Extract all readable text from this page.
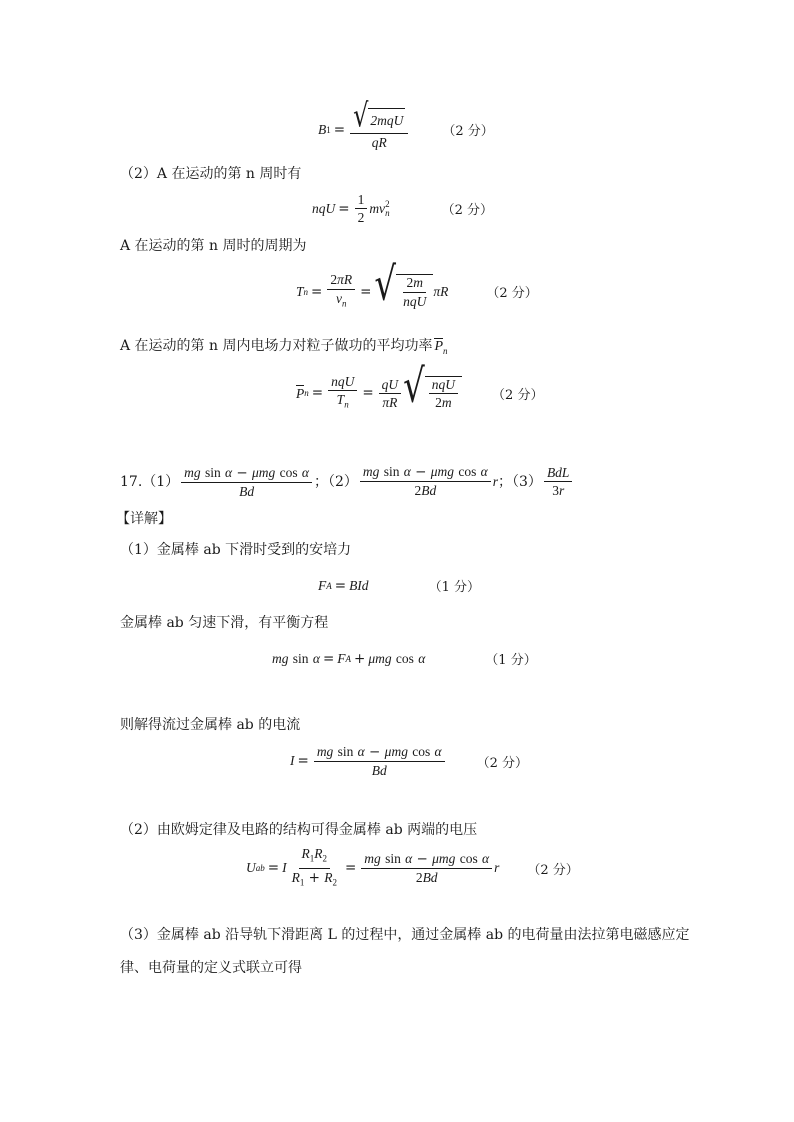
B $1 = \frac{\text{√ 2mqU}}{qR}$	（2 分）
（2）A 在运动的第 n 周时有
nqU = $\frac{1}{2}$ mv 2
n	（2 分）
A 在运动的第 n 周时的周期为
T $n = \frac{2\pi R}{v_n}$ = √ $\frac{2m}{\text{nqU}}$ πR	（2 分）
A 在运动的第 n 周内电场力对粒子做功的平均功率 $P_n$
P $n = \frac{\text{nqU}}{T_n} = \frac{qU}{\pi R}$ √ $\frac{\text{nqU}}{2m}$	（2 分）
$17.(1) \frac{\text{mg sin α − μmg cos α}}{Bd}$ ；$(2) \frac{\text{mg sin α − μmg cos α}}{2Bd}$ r ；$(3) \frac{\text{BdL}}{3r}$
【详解】
（1）金属棒 ab 下滑时受到的安培力
F A = BId	（1 分）
金属棒 ab 匀速下滑，有平衡方程
mg
sin
α = F A + μmg
cos
α	（1 分）
则解得流过金属棒 ab 的电流
$I = \frac{\text{mg sin α − μmg cos α}}{Bd} (2$ 分）
（2）由欧姆定律及电路的结构可得金属棒 ab 两端的电压
U ab = I $\frac{R_1R_2}{R_1 + R_2} = \frac{\text{mg sin α − μmg cos α}}{2Bd}$ r （2 分）
（3）金属棒 ab 沿导轨下滑距离 L 的过程中，通过金属棒 ab 的电荷量由法拉第电磁感应定
律、电荷量的定义式联立可得
